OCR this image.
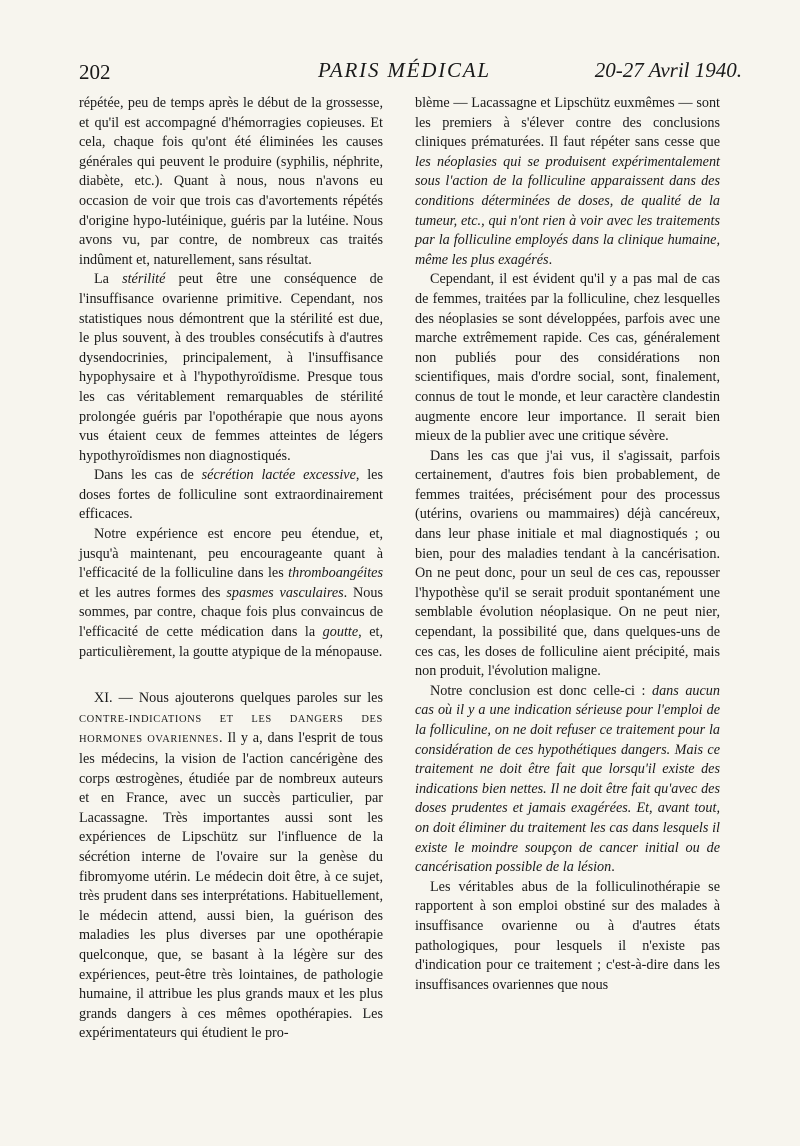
202	PARIS MÉDICAL	20-27 Avril 1940.

répétée, peu de temps après le début de la grossesse, et qu'il est accompagné d'hémorragies copieuses. Et cela, chaque fois qu'ont été éliminées les causes générales qui peuvent le produire (syphilis, néphrite, diabète, etc.). Quant à nous, nous n'avons eu occasion de voir que trois cas d'avortements répétés d'origine hypo-lutéinique, guéris par la lutéine. Nous avons vu, par contre, de nombreux cas traités indûment et, naturellement, sans résultat.

La stérilité peut être une conséquence de l'insuffisance ovarienne primitive. Cependant, nos statistiques nous démontrent que la stérilité est due, le plus souvent, à des troubles consécutifs à d'autres dysendocrinies, principalement, à l'insuffisance hypophysaire et à l'hypothyroïdisme. Presque tous les cas véritablement remarquables de stérilité prolongée guéris par l'opothérapie que nous ayons vus étaient ceux de femmes atteintes de légers hypothyroïdismes non diagnostiqués.

Dans les cas de sécrétion lactée excessive, les doses fortes de folliculine sont extraordinairement efficaces.

Notre expérience est encore peu étendue, et, jusqu'à maintenant, peu encourageante quant à l'efficacité de la folliculine dans les thromboangéites et les autres formes des spasmes vasculaires. Nous sommes, par contre, chaque fois plus convaincus de l'efficacité de cette médication dans la goutte, et, particulièrement, la goutte atypique de la ménopause.

XI. — Nous ajouterons quelques paroles sur les CONTRE-INDICATIONS ET LES DANGERS DES HORMONES OVARIENNES. Il y a, dans l'esprit de tous les médecins, la vision de l'action cancérigène des corps œstrogènes, étudiée par de nombreux auteurs et en France, avec un succès particulier, par Lacassagne. Très importantes aussi sont les expériences de Lipschütz sur l'influence de la sécrétion interne de l'ovaire sur la genèse du fibromyome utérin. Le médecin doit être, à ce sujet, très prudent dans ses interprétations. Habituellement, le médecin attend, aussi bien, la guérison des maladies les plus diverses par une opothérapie quelconque, que, se basant à la légère sur des expériences, peut-être très lointaines, de pathologie humaine, il attribue les plus grands maux et les plus grands dangers à ces mêmes opothérapies. Les expérimentateurs qui étudient le pro-

blème — Lacassagne et Lipschütz euxmêmes — sont les premiers à s'élever contre des conclusions cliniques prématurées. Il faut répéter sans cesse que les néoplasies qui se produisent expérimentalement sous l'action de la folliculine apparaissent dans des conditions déterminées de doses, de qualité de la tumeur, etc., qui n'ont rien à voir avec les traitements par la folliculine employés dans la clinique humaine, même les plus exagérés.

Cependant, il est évident qu'il y a pas mal de cas de femmes, traitées par la folliculine, chez lesquelles des néoplasies se sont développées, parfois avec une marche extrêmement rapide. Ces cas, généralement non publiés pour des considérations non scientifiques, mais d'ordre social, sont, finalement, connus de tout le monde, et leur caractère clandestin augmente encore leur importance. Il serait bien mieux de la publier avec une critique sévère.

Dans les cas que j'ai vus, il s'agissait, parfois certainement, d'autres fois bien probablement, de femmes traitées, précisément pour des processus (utérins, ovariens ou mammaires) déjà cancéreux, dans leur phase initiale et mal diagnostiqués ; ou bien, pour des maladies tendant à la cancérisation. On ne peut donc, pour un seul de ces cas, repousser l'hypothèse qu'il se serait produit spontanément une semblable évolution néoplasique. On ne peut nier, cependant, la possibilité que, dans quelques-uns de ces cas, les doses de folliculine aient précipité, mais non produit, l'évolution maligne.

Notre conclusion est donc celle-ci : dans aucun cas où il y a une indication sérieuse pour l'emploi de la folliculine, on ne doit refuser ce traitement pour la considération de ces hypothétiques dangers. Mais ce traitement ne doit être fait que lorsqu'il existe des indications bien nettes. Il ne doit être fait qu'avec des doses prudentes et jamais exagérées. Et, avant tout, on doit éliminer du traitement les cas dans lesquels il existe le moindre soupçon de cancer initial ou de cancérisation possible de la lésion.

Les véritables abus de la folliculinothérapie se rapportent à son emploi obstiné sur des malades à insuffisance ovarienne ou à d'autres états pathologiques, pour lesquels il n'existe pas d'indication pour ce traitement ; c'est-à-dire dans les insuffisances ovariennes que nous
